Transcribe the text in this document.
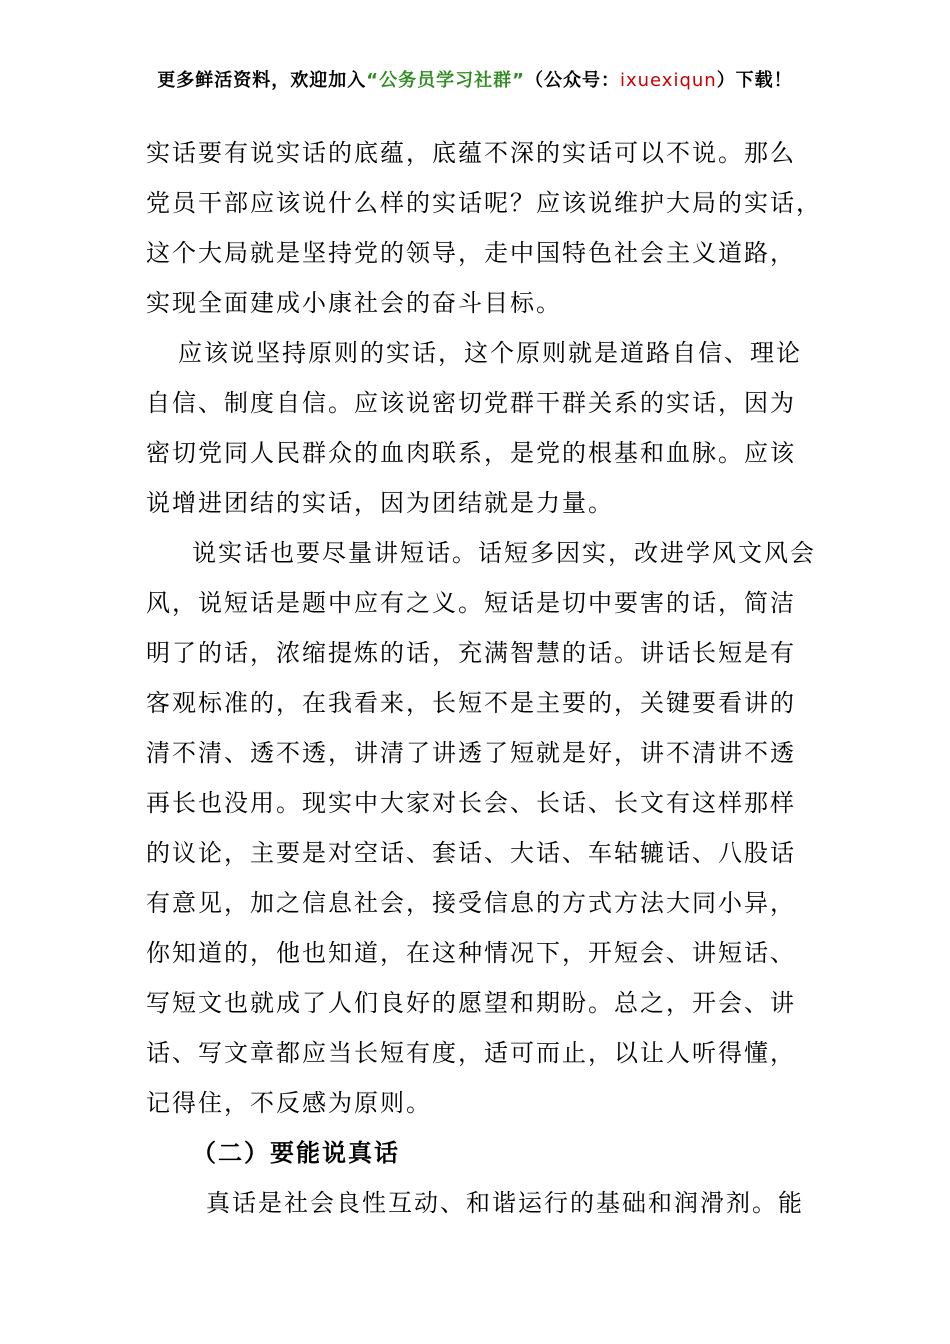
更多鲜活资料，欢迎加入“公务员学习社群”（公众号：ixuexiqun）下载！
实话要有说实话的底蕴，底蕴不深的实话可以不说。那么
党员干部应该说什么样的实话呢？应该说维护大局的实话，
这个大局就是坚持党的领导，走中国特色社会主义道路，
实现全面建成小康社会的奋斗目标。
应该说坚持原则的实话，这个原则就是道路自信、理论
自信、制度自信。应该说密切党群干群关系的实话，因为
密切党同人民群众的血肉联系，是党的根基和血脉。应该
说增进团结的实话，因为团结就是力量。
说实话也要尽量讲短话。话短多因实，改进学风文风会
风，说短话是题中应有之义。短话是切中要害的话，简洁
明了的话，浓缩提炼的话，充满智慧的话。讲话长短是有
客观标准的，在我看来，长短不是主要的，关键要看讲的
清不清、透不透，讲清了讲透了短就是好，讲不清讲不透
再长也没用。现实中大家对长会、长话、长文有这样那样
的议论，主要是对空话、套话、大话、车轱辘话、八股话
有意见，加之信息社会，接受信息的方式方法大同小异，
你知道的，他也知道，在这种情况下，开短会、讲短话、
写短文也就成了人们良好的愿望和期盼。总之，开会、讲
话、写文章都应当长短有度，适可而止，以让人听得懂，
记得住，不反感为原则。
（二）要能说真话
真话是社会良性互动、和谐运行的基础和润滑剂。能
